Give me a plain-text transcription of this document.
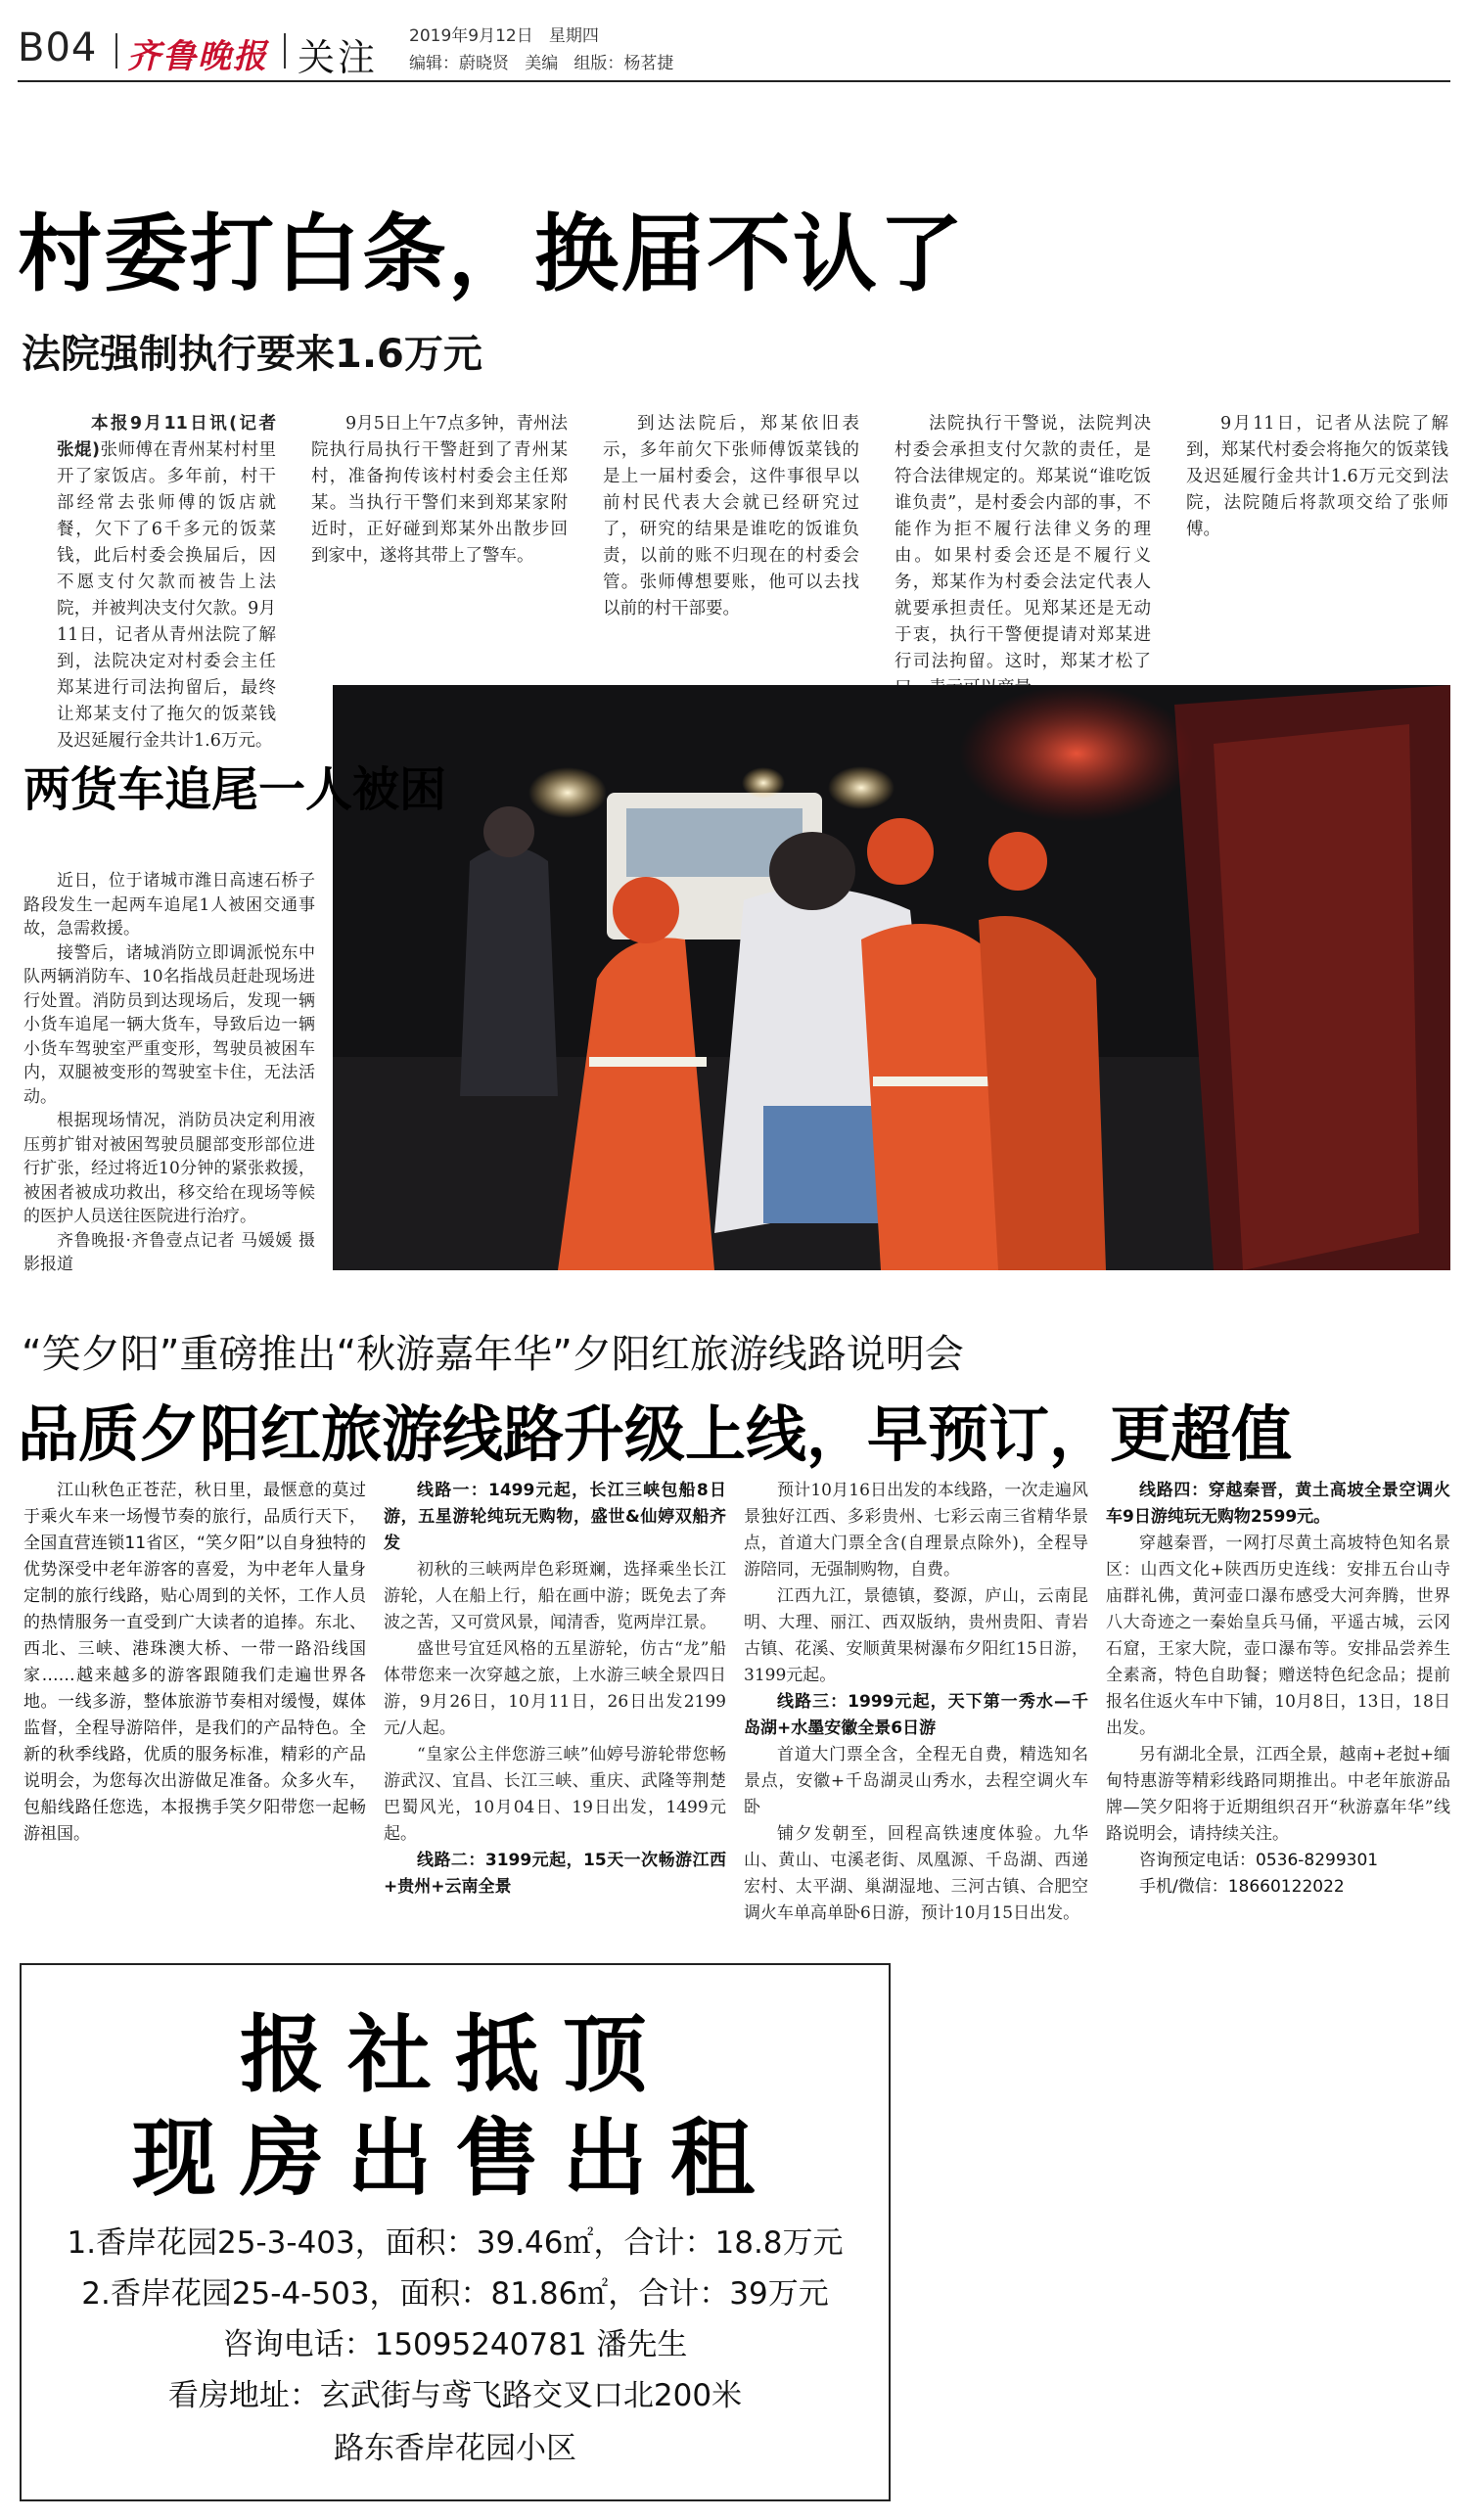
B04 齐鲁晚报 关注 2019年9月12日   星期四
编辑：蔚晓贤   美编   组版：杨茗捷
村委打白条，换届不认了
法院强制执行要来1.6万元

本报9月11日讯(记者 张焜)张师傅在青州某村村里开了家饭店。多年前，村干部经常去张师傅的饭店就餐，欠下了6千多元的饭菜钱，此后村委会换届后，因不愿支付欠款而被告上法院，并被判决支付欠款。9月11日，记者从青州法院了解到，法院决定对村委会主任郑某进行司法拘留后，最终让郑某支付了拖欠的饭菜钱及迟延履行金共计1.6万元。

9月5日上午7点多钟，青州法院执行局执行干警赶到了青州某村，准备拘传该村村委会主任郑某。当执行干警们来到郑某家附近时，正好碰到郑某外出散步回到家中，遂将其带上了警车。

到达法院后，郑某依旧表示，多年前欠下张师傅饭菜钱的是上一届村委会，这件事很早以前村民代表大会就已经研究过了，研究的结果是谁吃的饭谁负责，以前的账不归现在的村委会管。张师傅想要账，他可以去找以前的村干部要。

法院执行干警说，法院判决村委会承担支付欠款的责任，是符合法律规定的。郑某说“谁吃饭谁负责”，是村委会内部的事，不能作为拒不履行法律义务的理由。如果村委会还是不履行义务，郑某作为村委会法定代表人就要承担责任。见郑某还是无动于衷，执行干警便提请对郑某进行司法拘留。这时，郑某才松了

9月11日，记者从法院了解到，郑某代村委会将拖欠的饭菜钱及迟延履行金共计1.6万元交到法院，法院随后将款项交给了张师傅。

两货车追尾一人被困

近日，位于诸城市潍日高速石桥子路段发生一起两车追尾1人被困交通事故，急需救援。

接警后，诸城消防立即调派悦东中队两辆消防车、10名指战员赶赴现场进行处置。消防员到达现场后，发现一辆小货车追尾一辆大货车，导致后边一辆小货车驾驶室严重变形，驾驶员被困车内，双腿被变形的驾驶室卡住，无法活动。

根据现场情况，消防员决定利用液压剪扩钳对被困驾驶员腿部变形部位进行扩张，经过将近10分钟的紧张救援，被困者被成功救出，移交给在现场等候的医护人员送往医院进行治疗。

齐鲁晚报·齐鲁壹点记者 马媛媛 摄影报道

“笑夕阳”重磅推出“秋游嘉年华”夕阳红旅游线路说明会
品质夕阳红旅游线路升级上线，早预订，更超值

江山秋色正苍茫，秋日里，最惬意的莫过于乘火车来一场慢节奏的旅行，品质行天下，全国直营连锁11省区，“笑夕阳”以自身独特的优势深受中老年游客的喜爱，为中老年人量身定制的旅行线路，贴心周到的关怀，工作人员的热情服务一直受到广大读者的追捧。东北、西北、三峡、港珠澳大桥、一带一路沿线国家……越来越多的游客跟随我们走遍世界各地。一线多游，整体旅游节奏相对缓慢，媒体监督，全程导游陪伴，是我们的产品特色。全新的秋季线路，优质的服务标准，精彩的产品说明会，为您每次出游做足准备。众多火车，包船线路任您选，本报携手笑夕阳带您一起畅游祖国。

线路一：1499元起，长江三峡包船8日游，五星游轮纯玩无购物，盛世&仙婷双船齐发

初秋的三峡两岸色彩斑斓，选择乘坐长江游轮，人在船上行，船在画中游；既免去了奔波之苦，又可赏风景，闻清香，览两岸江景。

盛世号宜廷风格的五星游轮，仿古“龙”船体带您来一次穿越之旅，上水游三峡全景四日游，9月26日，10月11日，26日出发2199元/人起。

“皇家公主伴您游三峡”仙婷号游轮带您畅游武汉、宜昌、长江三峡、重庆、武隆等荆楚巴蜀风光，10月04日、19日出发，1499元起。

线路二：3199元起，15天一次畅游江西+贵州+云南全景

预计10月16日出发的本线路，一次走遍风景独好江西、多彩贵州、七彩云南三省精华景点，首道大门票全含(自理景点除外)，全程导游陪同，无强制购物，自费。

江西九江，景德镇，婺源，庐山，云南昆明、大理、丽江、西双版纳，贵州贵阳、青岩古镇、花溪、安顺黄果树瀑布夕阳红15日游，3199元起。

线路三：1999元起，天下第一秀水—千岛湖+水墨安徽全景6日游

首道大门票全含，全程无自费，精选知名景点，安徽+千岛湖灵山秀水，去程空调火车卧

铺夕发朝至，回程高铁速度体验。九华山、黄山、屯溪老街、凤凰源、千岛湖、西递宏村、太平湖、巢湖湿地、三河古镇、合肥空调火车单高单卧6日游，预计10月15日出发。

线路四：穿越秦晋，黄土高坡全景空调火车9日游纯玩无购物2599元。

穿越秦晋，一网打尽黄土高坡特色知名景区：山西文化+陕西历史连线：安排五台山寺庙群礼佛，黄河壶口瀑布感受大河奔腾，世界八大奇迹之一秦始皇兵马俑，平遥古城，云冈石窟，王家大院，壶口瀑布等。安排品尝养生全素斋，特色自助餐；赠送特色纪念品；提前报名住返火车中下铺，10月8日，13日，18日出发。

另有湖北全景，江西全景，越南+老挝+缅甸特惠游等精彩线路同期推出。中老年旅游品牌—笑夕阳将于近期组织召开“秋游嘉年华”线路说明会，请持续关注。

咨询预定电话：0536-8299301

手机/微信：18660122022

报社抵顶
现房出售出租
1.香岸花园25-3-403，面积：39.46㎡，合计：18.8万元
2.香岸花园25-4-503，面积：81.86㎡，合计：39万元
咨询电话：15095240781 潘先生
看房地址：玄武街与鸢飞路交叉口北200米
路东香岸花园小区
